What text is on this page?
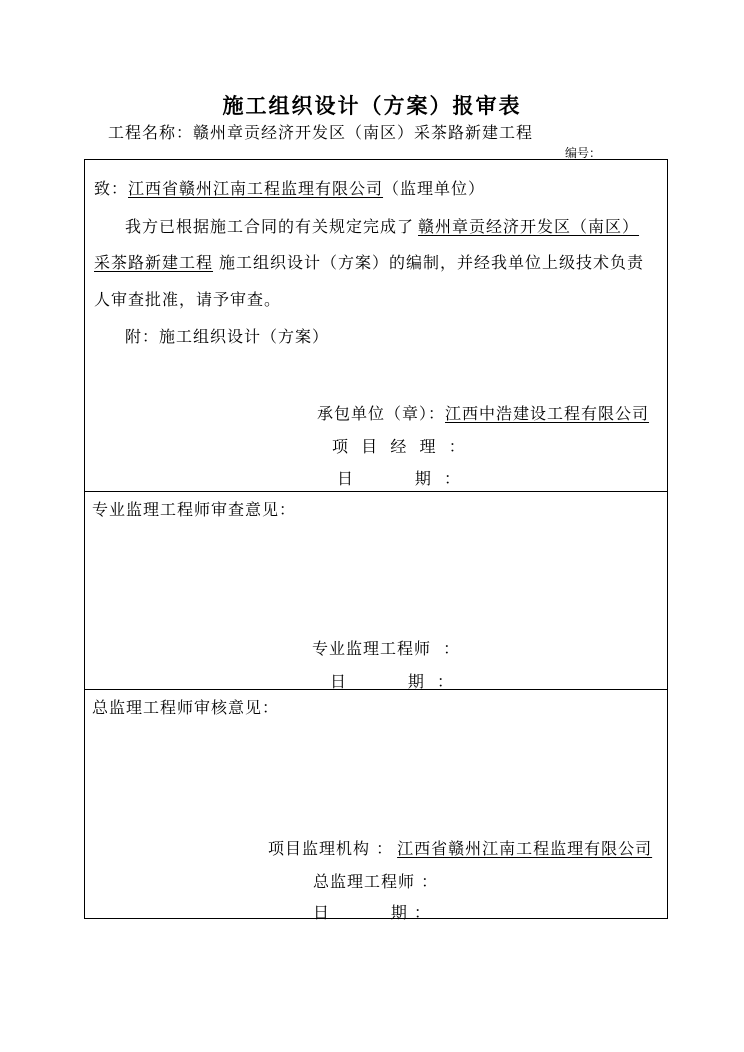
施工组织设计（方案）报审表
工程名称：赣州章贡经济开发区（南区）采茶路新建工程
编号：
致：江西省赣州江南工程监理有限公司（监理单位）
我方已根据施工合同的有关规定完成了 赣州章贡经济开发区（南区）
采茶路新建工程 施工组织设计（方案）的编制，并经我单位上级技术负责
人审查批准，请予审查。
附：施工组织设计（方案）
承包单位（章）：江西中浩建设工程有限公司
项  目  经  理  ：
日          期  ：
专业监理工程师审查意见：
专业监理工程师  ：
日          期  ：
总监理工程师审核意见：
项目监理机构 ： 江西省赣州江南工程监理有限公司
总监理工程师 ：
日          期 ：
